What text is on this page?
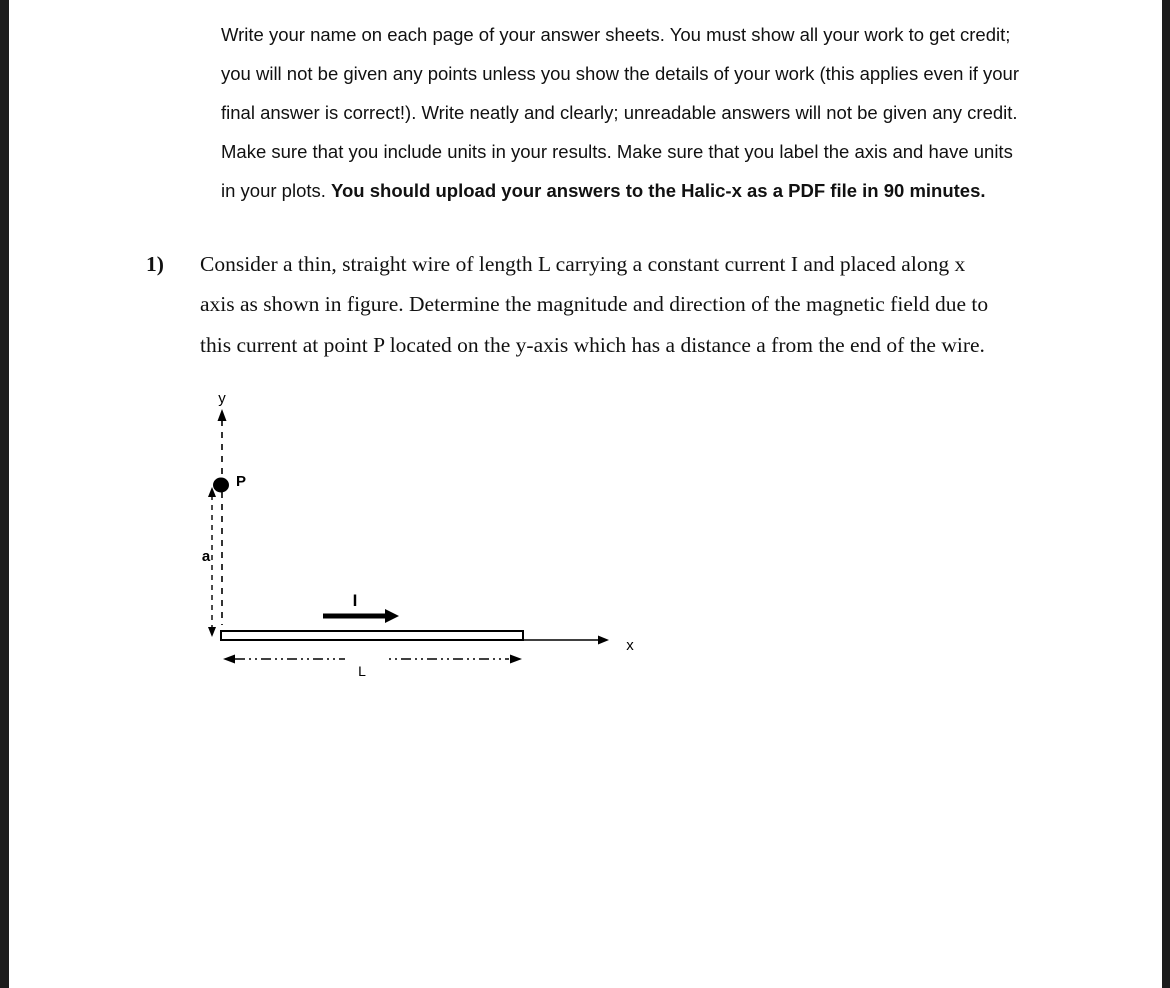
Write your name on each page of your answer sheets. You must show all your work to get credit;
you will not be given any points unless you show the details of your work (this applies even if your
final answer is correct!). Write neatly and clearly; unreadable answers will not be given any credit.
Make sure that you include units in your results. Make sure that you label the axis and have units
in your plots. You should upload your answers to the Halic-x as a PDF file in 90 minutes.
1) Consider a thin, straight wire of length L carrying a constant current I and placed along x
axis as shown in figure. Determine the magnitude and direction of the magnetic field due to
this current at point P located on the y-axis which has a distance a from the end of the wire.
y
P
a
x
I
L
